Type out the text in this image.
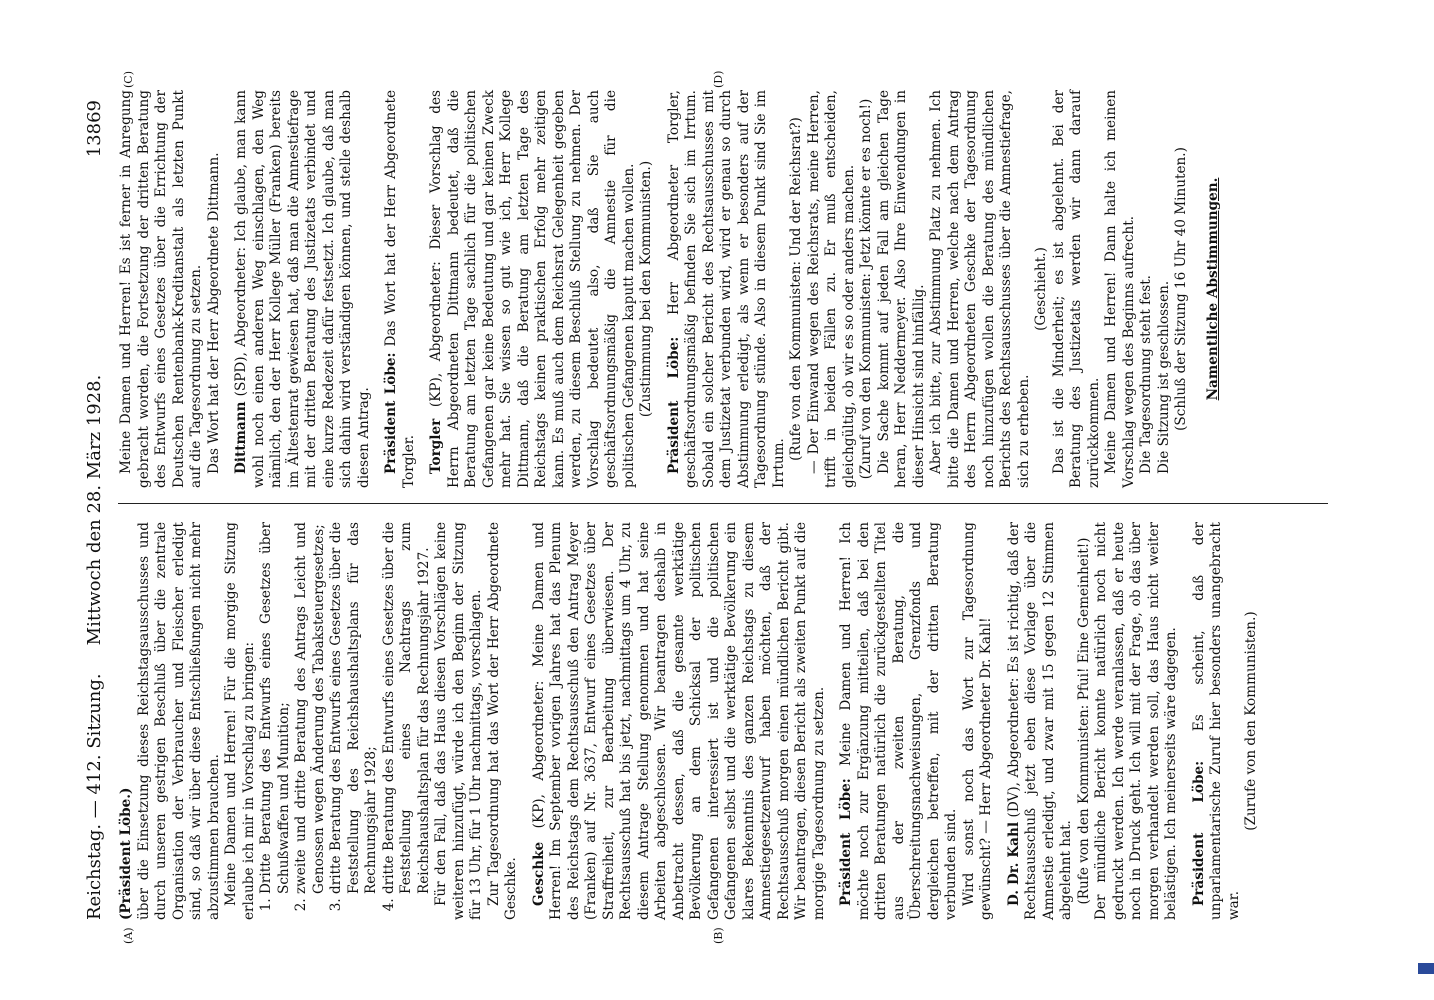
Reichstag. — 412. Sitzung.
Mittwoch den 28. März 1928.
13869
(A)	(B)
(C)	(D)

(Präsident Löbe.) über die Einsetzung dieses Reichstagsausschusses und durch unseren gestrigen Beschluß über die zentrale Organisation der Verbraucher und Fleischer erledigt sind, so daß wir über diese Entschließungen nicht mehr abzustimmen brauchen. Meine Damen und Herren! Für die morgige Sitzung erlaube ich mir in Vorschlag zu bringen: 1. Dritte Beratung des Entwurfs eines Gesetzes über Schußwaffen und Munition; 2. zweite und dritte Beratung des Antrags Leicht und Genossen wegen Änderung des Tabaksteuergesetzes; 3. dritte Beratung des Entwurfs eines Gesetzes über die Feststellung des Reichshaushaltsplans für das Rechnungsjahr 1928; 4. dritte Beratung des Entwurfs eines Gesetzes über die Feststellung eines Nachtrags zum Reichshaushaltsplan für das Rechnungsjahr 1927. Für den Fall, daß das Haus diesen Vorschlägen keine weiteren hinzufügt, würde ich den Beginn der Sitzung für 13 Uhr, für 1 Uhr nachmittags, vorschlagen. Zur Tagesordnung hat das Wort der Herr Abgeordnete Geschke. Geschke (KP), Abgeordneter: Meine Damen und Herren! Im September vorigen Jahres hat das Plenum des Reichstags dem Rechtsausschuß den Antrag Meyer (Franken) auf Nr. 3637, Entwurf eines Gesetzes über Straffreiheit, zur Bearbeitung überwiesen. Der Rechtsausschuß hat bis jetzt, nachmittags um 4 Uhr, zu diesem Antrage Stellung genommen und hat seine Arbeiten abgeschlossen. Wir beantragen deshalb in Anbetracht dessen, daß die gesamte werktätige Bevölkerung an dem Schicksal der politischen Gefangenen interessiert ist und die politischen Gefangenen selbst und die werktätige Bevölkerung ein klares Bekenntnis des ganzen Reichstags zu diesem Amnestiegesetzentwurf haben möchten, daß der Rechtsausschuß morgen einen mündlichen Bericht gibt. Wir beantragen, diesen Bericht als zweiten Punkt auf die morgige Tagesordnung zu setzen. Präsident Löbe: Meine Damen und Herren! Ich möchte noch zur Ergänzung mitteilen, daß bei den dritten Beratungen natürlich die zurückgestellten Titel aus der zweiten Beratung, die Überschreitungsnachweisungen, Grenzfonds und dergleichen betreffen, mit der dritten Beratung verbunden sind. Wird sonst noch das Wort zur Tagesordnung gewünscht? — Herr Abgeordneter Dr. Kahl! D. Dr. Kahl (DV), Abgeordneter: Es ist richtig, daß der Rechtsausschuß jetzt eben diese Vorlage über die Amnestie erledigt, und zwar mit 15 gegen 12 Stimmen abgelehnt hat. (Rufe von den Kommunisten: Pfui! Eine Gemeinheit!) Der mündliche Bericht konnte natürlich noch nicht gedruckt werden. Ich werde veranlassen, daß er heute noch in Druck geht. Ich will mit der Frage, ob das über morgen verhandelt werden soll, das Haus nicht weiter belästigen. Ich meinerseits wäre dagegen. Präsident Löbe: Es scheint, daß der unparlamentarische Zuruf hier besonders unangebracht war.

(Zurufe von den Kommunisten.)

Meine Damen und Herren! Es ist ferner in Anregung gebracht worden, die Fortsetzung der dritten Beratung des Entwurfs eines Gesetzes über die Errichtung der Deutschen Rentenbank-Kreditanstalt als letzten Punkt auf die Tagesordnung zu setzen. Das Wort hat der Herr Abgeordnete Dittmann. Dittmann (SPD), Abgeordneter: Ich glaube, man kann wohl noch einen anderen Weg einschlagen, den Weg nämlich, den der Herr Kollege Müller (Franken) bereits im Ältestenrat gewiesen hat, daß man die Amnestiefrage mit der dritten Beratung des Justizetats verbindet und eine kurze Redezeit dafür festsetzt. Ich glaube, daß man sich dahin wird verständigen können, und stelle deshalb diesen Antrag. Präsident Löbe: Das Wort hat der Herr Abgeordnete Torgler. Torgler (KP), Abgeordneter: Dieser Vorschlag des Herrn Abgeordneten Dittmann bedeutet, daß die Beratung am letzten Tage sachlich für die politischen Gefangenen gar keine Bedeutung und gar keinen Zweck mehr hat. Sie wissen so gut wie ich, Herr Kollege Dittmann, daß die Beratung am letzten Tage des Reichstags keinen praktischen Erfolg mehr zeitigen kann. Es muß auch dem Reichsrat Gelegenheit gegeben werden, zu diesem Beschluß Stellung zu nehmen. Der Vorschlag bedeutet also, daß Sie auch geschäftsordnungsmäßig die Amnestie für die politischen Gefangenen kaputt machen wollen. (Zustimmung bei den Kommunisten.) Präsident Löbe: Herr Abgeordneter Torgler, geschäftsordnungsmäßig befinden Sie sich im Irrtum. Sobald ein solcher Bericht des Rechtsausschusses mit dem Justizetat verbunden wird, wird er genau so durch Abstimmung erledigt, als wenn er besonders auf der Tagesordnung stünde. Also in diesem Punkt sind Sie im Irrtum.

(Rufe von den Kommunisten: Und der Reichsrat?) — Der Einwand wegen des Reichsrats, meine Herren, trifft in beiden Fällen zu. Er muß entscheiden, gleichgültig, ob wir es so oder anders machen. (Zuruf von den Kommunisten: Jetzt könnte er es noch!) Die Sache kommt auf jeden Fall am gleichen Tage heran, Herr Neddermeyer. Also Ihre Einwendungen in dieser Hinsicht sind hinfällig. Aber ich bitte, zur Abstimmung Platz zu nehmen. Ich bitte die Damen und Herren, welche nach dem Antrag des Herrn Abgeordneten Geschke der Tagesordnung noch hinzufügen wollen die Beratung des mündlichen Berichts des Rechtsausschusses über die Amnestiefrage, sich zu erheben.

(Geschieht.) Das ist die Minderheit; es ist abgelehnt. Bei der Beratung des Justizetats werden wir dann darauf zurückkommen. Meine Damen und Herren! Dann halte ich meinen Vorschlag wegen des Beginns aufrecht. Die Tagesordnung steht fest. Die Sitzung ist geschlossen. (Schluß der Sitzung 16 Uhr 40 Minuten.) Namentliche Abstimmungen.
